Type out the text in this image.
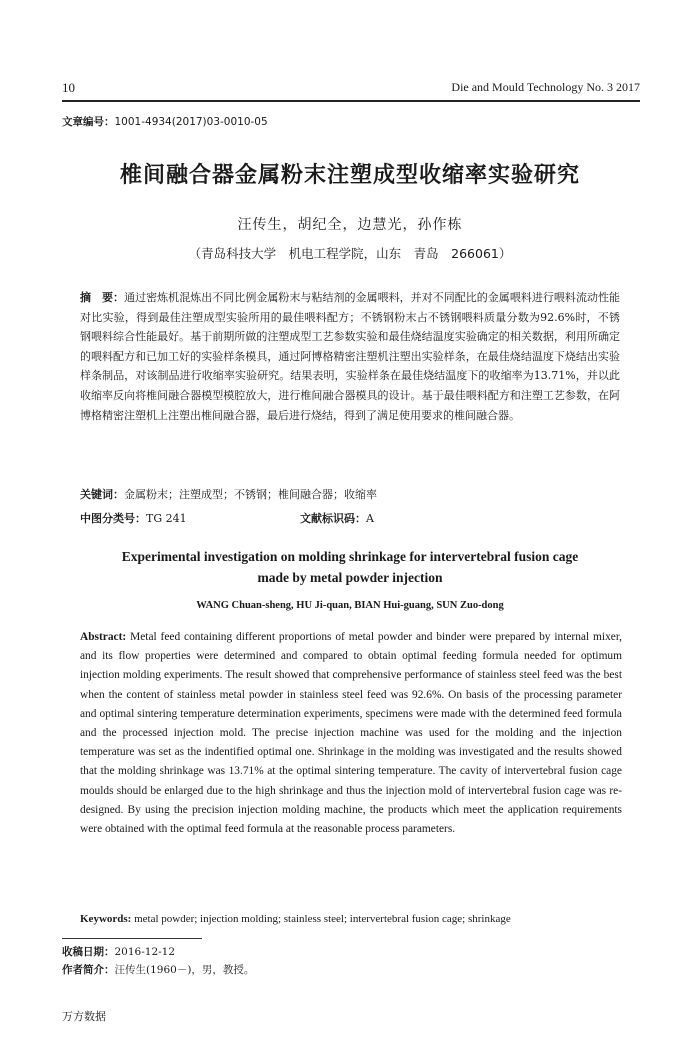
10	Die and Mould Technology No. 3 2017
文章编号：1001-4934(2017)03-0010-05
椎间融合器金属粉末注塑成型收缩率实验研究
汪传生，胡纪全，边慧光，孙作栋
（青岛科技大学　机电工程学院，山东　青岛　266061）
摘　要：通过密炼机混炼出不同比例金属粉末与粘结剂的金属喂料，并对不同配比的金属喂料进行喂料流动性能对比实验，得到最佳注塑成型实验所用的最佳喂料配方；不锈钢粉末占不锈钢喂料质量分数为92.6%时，不锈钢喂料综合性能最好。基于前期所做的注塑成型工艺参数实验和最佳烧结温度实验确定的相关数据，利用所确定的喂料配方和已加工好的实验样条模具，通过阿博格精密注塑机注塑出实验样条，在最佳烧结温度下烧结出实验样条制品，对该制品进行收缩率实验研究。结果表明，实验样条在最佳烧结温度下的收缩率为13.71%，并以此收缩率反向将椎间融合器模型模腔放大，进行椎间融合器模具的设计。基于最佳喂料配方和注塑工艺参数，在阿博格精密注塑机上注塑出椎间融合器，最后进行烧结，得到了满足使用要求的椎间融合器。
关键词：金属粉末；注塑成型；不锈钢；椎间融合器；收缩率
中图分类号：TG 241	文献标识码：A
Experimental investigation on molding shrinkage for intervertebral fusion cage
made by metal powder injection
WANG Chuan-sheng, HU Ji-quan, BIAN Hui-guang, SUN Zuo-dong
Abstract: Metal feed containing different proportions of metal powder and binder were prepared by internal mixer, and its flow properties were determined and compared to obtain optimal feeding formula needed for optimum injection molding experiments. The result showed that comprehensive performance of stainless steel feed was the best when the content of stainless metal powder in stainless steel feed was 92.6%. On basis of the processing parameter and optimal sintering temperature determination experiments, specimens were made with the determined feed formula and the processed injection mold. The precise injection machine was used for the molding and the injection temperature was set as the indentified optimal one. Shrinkage in the molding was investigated and the results showed that the molding shrinkage was 13.71% at the optimal sintering temperature. The cavity of intervertebral fusion cage moulds should be enlarged due to the high shrinkage and thus the injection mold of intervertebral fusion cage was re-designed. By using the precision injection molding machine, the products which meet the application requirements were obtained with the optimal feed formula at the reasonable process parameters.
Keywords: metal powder; injection molding; stainless steel; intervertebral fusion cage; shrinkage
收稿日期：2016-12-12
作者简介：汪传生(1960－)，男，教授。
万方数据
